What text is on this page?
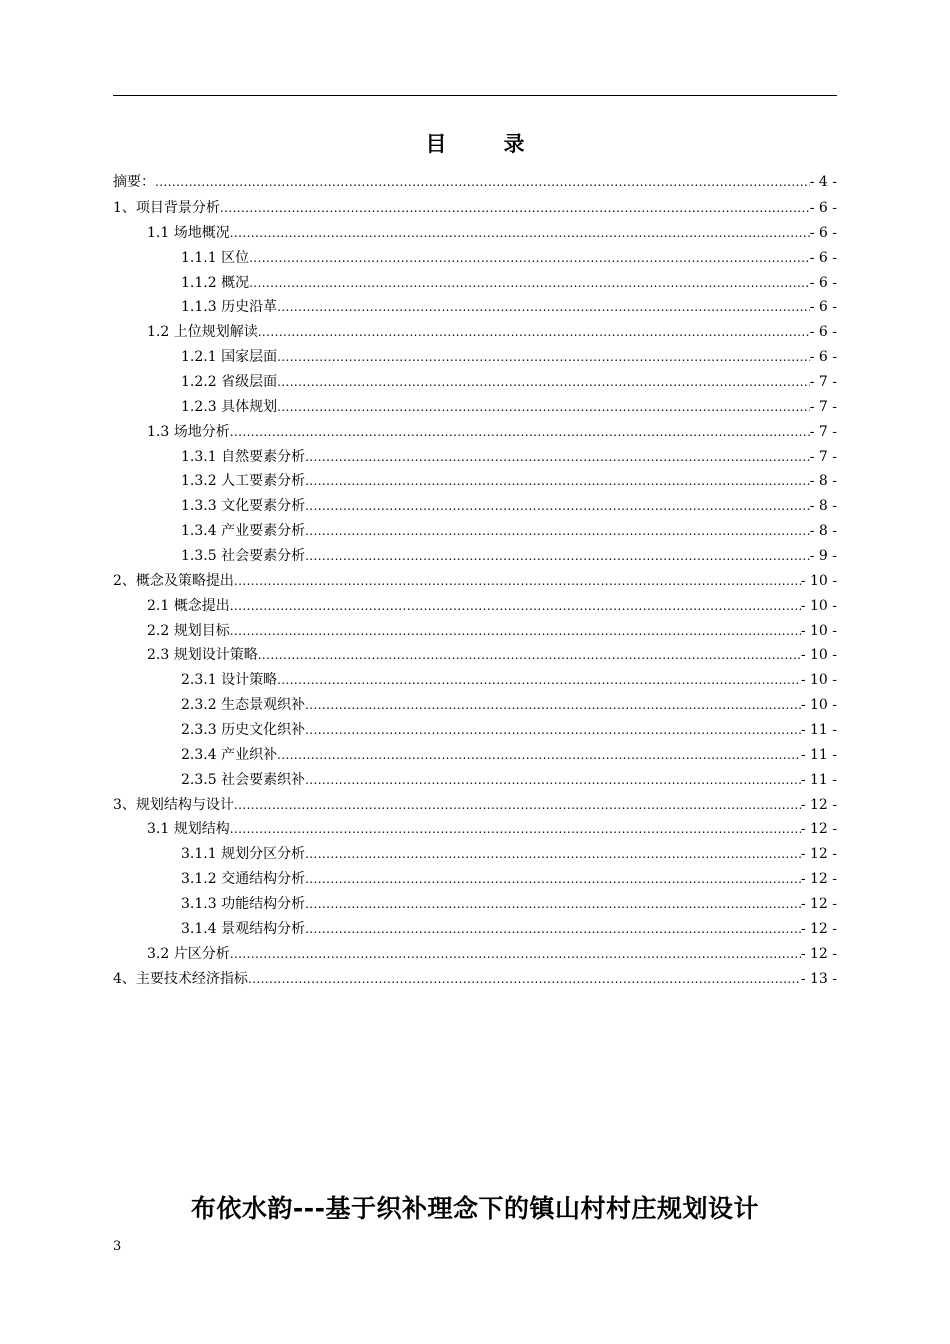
目　录
摘要： .....	- 4 -
1、项目背景分析 .....	- 6 -
1.1 场地概况 .....	- 6 -
1.1.1 区位 .....	- 6 -
1.1.2 概况 .....	- 6 -
1.1.3 历史沿革 .....	- 6 -
1.2 上位规划解读 .....	- 6 -
1.2.1 国家层面 .....	- 6 -
1.2.2 省级层面 .....	- 7 -
1.2.3 具体规划 .....	- 7 -
1.3 场地分析 .....	- 7 -
1.3.1 自然要素分析 .....	- 7 -
1.3.2 人工要素分析 .....	- 8 -
1.3.3 文化要素分析 .....	- 8 -
1.3.4 产业要素分析 .....	- 8 -
1.3.5 社会要素分析 .....	- 9 -
2、概念及策略提出 .....	- 10 -
2.1 概念提出 .....	- 10 -
2.2 规划目标 .....	- 10 -
2.3 规划设计策略 .....	- 10 -
2.3.1 设计策略 .....	- 10 -
2.3.2 生态景观织补 .....	- 10 -
2.3.3 历史文化织补 .....	- 11 -
2.3.4 产业织补 .....	- 11 -
2.3.5 社会要素织补 .....	- 11 -
3、规划结构与设计 .....	- 12 -
3.1 规划结构 .....	- 12 -
3.1.1 规划分区分析 .....	- 12 -
3.1.2 交通结构分析 .....	- 12 -
3.1.3 功能结构分析 .....	- 12 -
3.1.4 景观结构分析 .....	- 12 -
3.2 片区分析 .....	- 12 -
4、主要技术经济指标 .....	- 13 -
布依水韵---基于织补理念下的镇山村村庄规划设计
3
